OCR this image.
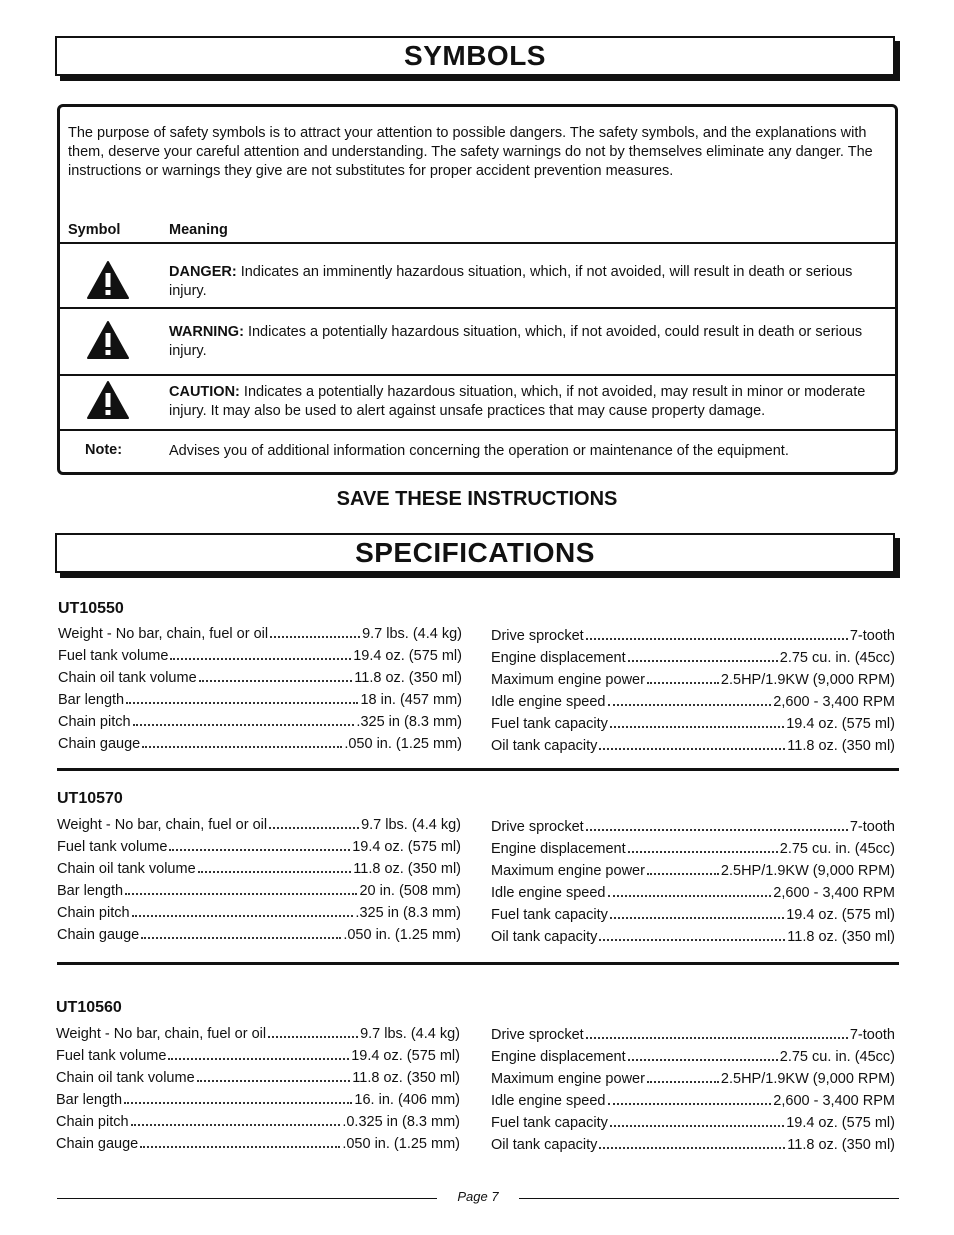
SYMBOLS
The purpose of safety symbols is to attract your attention to possible dangers. The safety symbols, and the explanations with them, deserve your careful attention and understanding. The safety warnings do not by themselves eliminate any danger. The instructions or warnings they give are not substitutes for proper accident prevention measures.
Symbol	Meaning
DANGER: Indicates an imminently hazardous situation, which, if not avoided, will result in death or serious injury.
WARNING: Indicates a potentially hazardous situation, which, if not avoided, could result in death or serious injury.
CAUTION: Indicates a potentially hazardous situation, which, if not avoided, may result in minor or moderate injury. It may also be used to alert against unsafe practices that may cause property damage.
Note:	Advises you of additional information concerning the operation or maintenance of the equipment.
SAVE THESE INSTRUCTIONS
SPECIFICATIONS
UT10550
Weight - No bar, chain, fuel or oil	9.7 lbs. (4.4 kg)
Fuel tank volume	19.4 oz. (575 ml)
Chain oil tank volume	11.8 oz. (350 ml)
Bar length	18 in. (457 mm)
Chain pitch	.325 in (8.3 mm)
Chain gauge	.050 in. (1.25 mm)
Drive sprocket	7-tooth
Engine displacement	2.75 cu. in. (45cc)
Maximum engine power	2.5HP/1.9KW (9,000 RPM)
Idle engine speed	2,600 - 3,400 RPM
Fuel tank capacity	19.4 oz. (575 ml)
Oil tank capacity	11.8 oz. (350 ml)
UT10570
Weight - No bar, chain, fuel or oil	9.7 lbs. (4.4 kg)
Fuel tank volume	19.4 oz. (575 ml)
Chain oil tank volume	11.8 oz. (350 ml)
Bar length	20 in. (508 mm)
Chain pitch	.325 in (8.3 mm)
Chain gauge	.050 in. (1.25 mm)
Drive sprocket	7-tooth
Engine displacement	2.75 cu. in. (45cc)
Maximum engine power	2.5HP/1.9KW (9,000 RPM)
Idle engine speed	2,600 - 3,400 RPM
Fuel tank capacity	19.4 oz. (575 ml)
Oil tank capacity	11.8 oz. (350 ml)
UT10560
Weight - No bar, chain, fuel or oil	9.7 lbs. (4.4 kg)
Fuel tank volume	19.4 oz. (575 ml)
Chain oil tank volume	11.8 oz. (350 ml)
Bar length	16. in. (406 mm)
Chain pitch	.0.325 in (8.3 mm)
Chain gauge	.050 in. (1.25 mm)
Drive sprocket	7-tooth
Engine displacement	2.75 cu. in. (45cc)
Maximum engine power	2.5HP/1.9KW (9,000 RPM)
Idle engine speed	2,600 - 3,400 RPM
Fuel tank capacity	19.4 oz. (575 ml)
Oil tank capacity	11.8 oz. (350 ml)
Page 7
